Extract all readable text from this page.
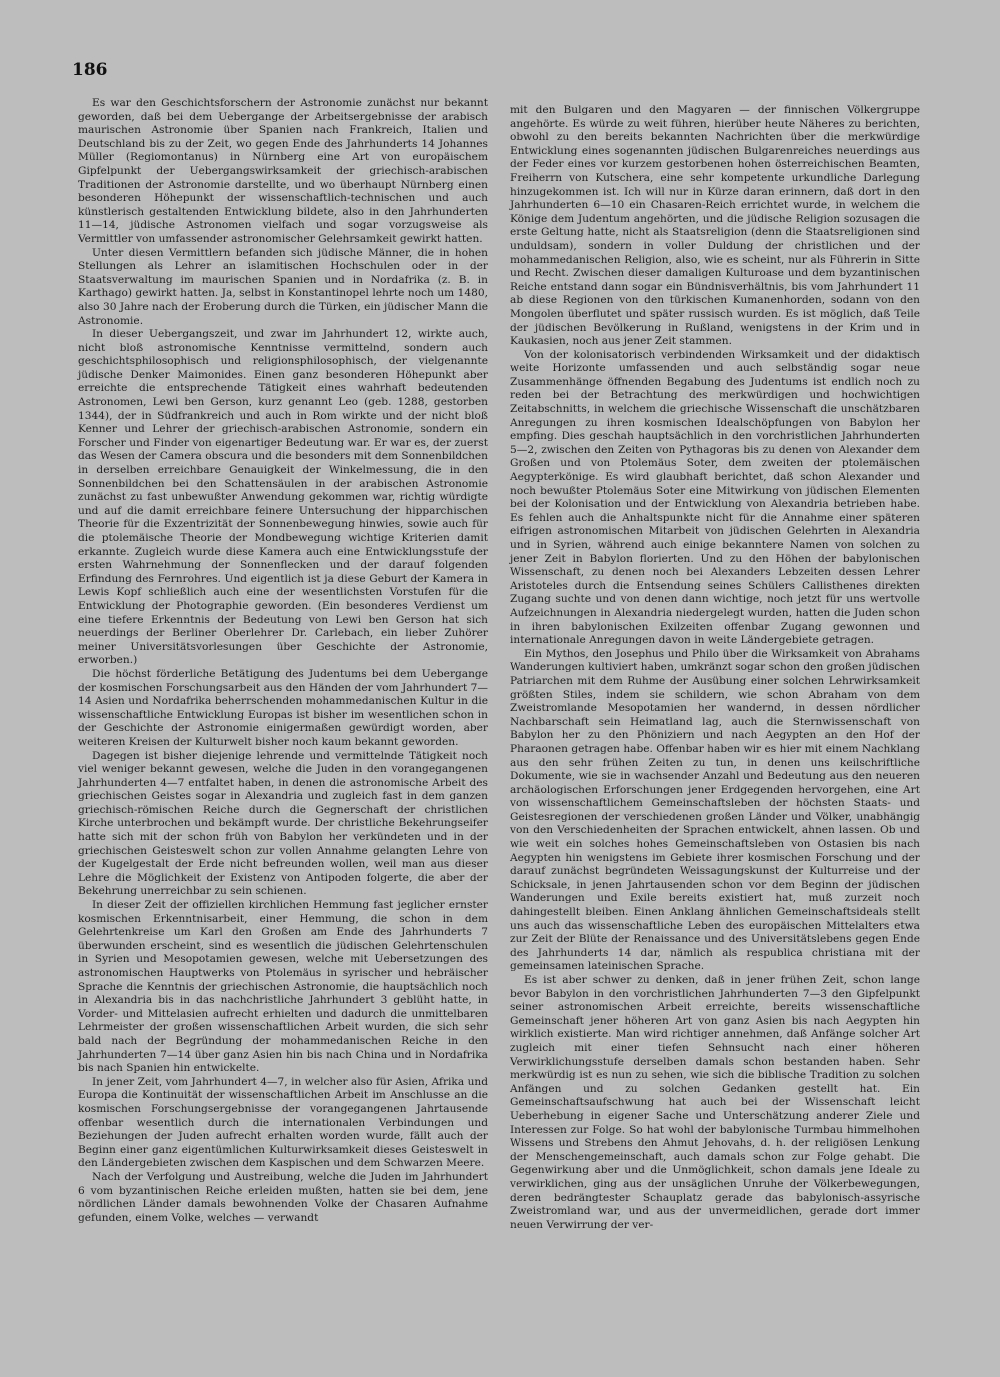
186

Es war den Geschichtsforschern der Astronomie zunächst nur bekannt geworden, daß bei dem Uebergange der Arbeitsergebnisse der arabisch maurischen Astronomie über Spanien nach Frankreich, Italien und Deutschland bis zu der Zeit, wo gegen Ende des Jahrhunderts 14 Johannes Müller (Regiomontanus) in Nürnberg eine Art von europäischem Gipfelpunkt der Uebergangswirksamkeit der griechisch-arabischen Traditionen der Astronomie darstellte, und wo überhaupt Nürnberg einen besonderen Höhepunkt der wissenschaftlich-technischen und auch künstlerisch gestaltenden Entwicklung bildete, also in den Jahrhunderten 11—14, jüdische Astronomen vielfach und sogar vorzugsweise als Vermittler von umfassender astronomischer Gelehrsamkeit gewirkt hatten.

Unter diesen Vermittlern befanden sich jüdische Männer, die in hohen Stellungen als Lehrer an islamitischen Hochschulen oder in der Staatsverwaltung im maurischen Spanien und in Nordafrika (z. B. in Karthago) gewirkt hatten. Ja, selbst in Konstantinopel lehrte noch um 1480, also 30 Jahre nach der Eroberung durch die Türken, ein jüdischer Mann die Astronomie.

In dieser Uebergangszeit, und zwar im Jahrhundert 12, wirkte auch, nicht bloß astronomische Kenntnisse vermittelnd, sondern auch geschichtsphilosophisch und religionsphilosophisch, der vielgenannte jüdische Denker Maimonides. Einen ganz besonderen Höhepunkt aber erreichte die entsprechende Tätigkeit eines wahrhaft bedeutenden Astronomen, Lewi ben Gerson, kurz genannt Leo (geb. 1288, gestorben 1344), der in Südfrankreich und auch in Rom wirkte und der nicht bloß Kenner und Lehrer der griechisch-arabischen Astronomie, sondern ein Forscher und Finder von eigenartiger Bedeutung war. Er war es, der zuerst das Wesen der Camera obscura und die besonders mit dem Sonnenbildchen in derselben erreichbare Genauigkeit der Winkelmessung, die in den Sonnenbildchen bei den Schattensäulen in der arabischen Astronomie zunächst zu fast unbewußter Anwendung gekommen war, richtig würdigte und auf die damit erreichbare feinere Untersuchung der hipparchischen Theorie für die Exzentrizität der Sonnenbewegung hinwies, sowie auch für die ptolemäische Theorie der Mondbewegung wichtige Kriterien damit erkannte. Zugleich wurde diese Kamera auch eine Entwicklungsstufe der ersten Wahrnehmung der Sonnenflecken und der darauf folgenden Erfindung des Fernrohres. Und eigentlich ist ja diese Geburt der Kamera in Lewis Kopf schließlich auch eine der wesentlichsten Vorstufen für die Entwicklung der Photographie geworden. (Ein besonderes Verdienst um eine tiefere Erkenntnis der Bedeutung von Lewi ben Gerson hat sich neuerdings der Berliner Oberlehrer Dr. Carlebach, ein lieber Zuhörer meiner Universitätsvorlesungen über Geschichte der Astronomie, erworben.)

Die höchst förderliche Betätigung des Judentums bei dem Uebergange der kosmischen Forschungsarbeit aus den Händen der vom Jahrhundert 7—14 Asien und Nordafrika beherrschenden mohammedanischen Kultur in die wissenschaftliche Entwicklung Europas ist bisher im wesentlichen schon in der Geschichte der Astronomie einigermaßen gewürdigt worden, aber weiteren Kreisen der Kulturwelt bisher noch kaum bekannt geworden.

Dagegen ist bisher diejenige lehrende und vermittelnde Tätigkeit noch viel weniger bekannt gewesen, welche die Juden in den vorangegangenen Jahrhunderten 4—7 entfaltet haben, in denen die astronomische Arbeit des griechischen Geistes sogar in Alexandria und zugleich fast in dem ganzen griechisch-römischen Reiche durch die Gegnerschaft der christlichen Kirche unterbrochen und bekämpft wurde. Der christliche Bekehrungseifer hatte sich mit der schon früh von Babylon her verkündeten und in der griechischen Geisteswelt schon zur vollen Annahme gelangten Lehre von der Kugelgestalt der Erde nicht befreunden wollen, weil man aus dieser Lehre die Möglichkeit der Existenz von Antipoden folgerte, die aber der Bekehrung unerreichbar zu sein schienen.

In dieser Zeit der offiziellen kirchlichen Hemmung fast jeglicher ernster kosmischen Erkenntnisarbeit, einer Hemmung, die schon in dem Gelehrtenkreise um Karl den Großen am Ende des Jahrhunderts 7 überwunden erscheint, sind es wesentlich die jüdischen Gelehrtenschulen in Syrien und Mesopotamien gewesen, welche mit Uebersetzungen des astronomischen Hauptwerks von Ptolemäus in syrischer und hebräischer Sprache die Kenntnis der griechischen Astronomie, die hauptsächlich noch in Alexandria bis in das nachchristliche Jahrhundert 3 geblüht hatte, in Vorder- und Mittelasien aufrecht erhielten und dadurch die unmittelbaren Lehrmeister der großen wissenschaftlichen Arbeit wurden, die sich sehr bald nach der Begründung der mohammedanischen Reiche in den Jahrhunderten 7—14 über ganz Asien hin bis nach China und in Nordafrika bis nach Spanien hin entwickelte.

In jener Zeit, vom Jahrhundert 4—7, in welcher also für Asien, Afrika und Europa die Kontinuität der wissenschaftlichen Arbeit im Anschlusse an die kosmischen Forschungsergebnisse der vorangegangenen Jahrtausende offenbar wesentlich durch die internationalen Verbindungen und Beziehungen der Juden aufrecht erhalten worden wurde, fällt auch der Beginn einer ganz eigentümlichen Kulturwirksamkeit dieses Geisteswelt in den Ländergebieten zwischen dem Kaspischen und dem Schwarzen Meere.

Nach der Verfolgung und Austreibung, welche die Juden im Jahrhundert 6 vom byzantinischen Reiche erleiden mußten, hatten sie bei dem, jene nördlichen Länder damals bewohnenden Volke der Chasaren Aufnahme gefunden, einem Volke, welches — verwandt

mit den Bulgaren und den Magyaren — der finnischen Völkergruppe angehörte. Es würde zu weit führen, hierüber heute Näheres zu berichten, obwohl zu den bereits bekannten Nachrichten über die merkwürdige Entwicklung eines sogenannten jüdischen Bulgarenreiches neuerdings aus der Feder eines vor kurzem gestorbenen hohen österreichischen Beamten, Freiherrn von Kutschera, eine sehr kompetente urkundliche Darlegung hinzugekommen ist. Ich will nur in Kürze daran erinnern, daß dort in den Jahrhunderten 6—10 ein Chasaren-Reich errichtet wurde, in welchem die Könige dem Judentum angehörten, und die jüdische Religion sozusagen die erste Geltung hatte, nicht als Staatsreligion (denn die Staatsreligionen sind unduldsam), sondern in voller Duldung der christlichen und der mohammedanischen Religion, also, wie es scheint, nur als Führerin in Sitte und Recht. Zwischen dieser damaligen Kulturoase und dem byzantinischen Reiche entstand dann sogar ein Bündnisverhältnis, bis vom Jahrhundert 11 ab diese Regionen von den türkischen Kumanenhorden, sodann von den Mongolen überflutet und später russisch wurden. Es ist möglich, daß Teile der jüdischen Bevölkerung in Rußland, wenigstens in der Krim und in Kaukasien, noch aus jener Zeit stammen.

Von der kolonisatorisch verbindenden Wirksamkeit und der didaktisch weite Horizonte umfassenden und auch selbständig sogar neue Zusammenhänge öffnenden Begabung des Judentums ist endlich noch zu reden bei der Betrachtung des merkwürdigen und hochwichtigen Zeitabschnitts, in welchem die griechische Wissenschaft die unschätzbaren Anregungen zu ihren kosmischen Idealschöpfungen von Babylon her empfing. Dies geschah hauptsächlich in den vorchristlichen Jahrhunderten 5—2, zwischen den Zeiten von Pythagoras bis zu denen von Alexander dem Großen und von Ptolemäus Soter, dem zweiten der ptolemäischen Aegypterkönige. Es wird glaubhaft berichtet, daß schon Alexander und noch bewußter Ptolemäus Soter eine Mitwirkung von jüdischen Elementen bei der Kolonisation und der Entwicklung von Alexandria betrieben habe. Es fehlen auch die Anhaltspunkte nicht für die Annahme einer späteren eifrigen astronomischen Mitarbeit von jüdischen Gelehrten in Alexandria und in Syrien, während auch einige bekanntere Namen von solchen zu jener Zeit in Babylon florierten. Und zu den Höhen der babylonischen Wissenschaft, zu denen noch bei Alexanders Lebzeiten dessen Lehrer Aristoteles durch die Entsendung seines Schülers Callisthenes direkten Zugang suchte und von denen dann wichtige, noch jetzt für uns wertvolle Aufzeichnungen in Alexandria niedergelegt wurden, hatten die Juden schon in ihren babylonischen Exilzeiten offenbar Zugang gewonnen und internationale Anregungen davon in weite Ländergebiete getragen.

Ein Mythos, den Josephus und Philo über die Wirksamkeit von Abrahams Wanderungen kultiviert haben, umkränzt sogar schon den großen jüdischen Patriarchen mit dem Ruhme der Ausübung einer solchen Lehrwirksamkeit größten Stiles, indem sie schildern, wie schon Abraham von dem Zweistromlande Mesopotamien her wandernd, in dessen nördlicher Nachbarschaft sein Heimatland lag, auch die Sternwissenschaft von Babylon her zu den Phöniziern und nach Aegypten an den Hof der Pharaonen getragen habe. Offenbar haben wir es hier mit einem Nachklang aus den sehr frühen Zeiten zu tun, in denen uns keilschriftliche Dokumente, wie sie in wachsender Anzahl und Bedeutung aus den neueren archäologischen Erforschungen jener Erdgegenden hervorgehen, eine Art von wissenschaftlichem Gemeinschaftsleben der höchsten Staats- und Geistesregionen der verschiedenen großen Länder und Völker, unabhängig von den Verschiedenheiten der Sprachen entwickelt, ahnen lassen. Ob und wie weit ein solches hohes Gemeinschaftsleben von Ostasien bis nach Aegypten hin wenigstens im Gebiete ihrer kosmischen Forschung und der darauf zunächst begründeten Weissagungskunst der Kulturreise und der Schicksale, in jenen Jahrtausenden schon vor dem Beginn der jüdischen Wanderungen und Exile bereits existiert hat, muß zurzeit noch dahingestellt bleiben. Einen Anklang ähnlichen Gemeinschaftsideals stellt uns auch das wissenschaftliche Leben des europäischen Mittelalters etwa zur Zeit der Blüte der Renaissance und des Universitätslebens gegen Ende des Jahrhunderts 14 dar, nämlich als respublica christiana mit der gemeinsamen lateinischen Sprache.

Es ist aber schwer zu denken, daß in jener frühen Zeit, schon lange bevor Babylon in den vorchristlichen Jahrhunderten 7—3 den Gipfelpunkt seiner astronomischen Arbeit erreichte, bereits wissenschaftliche Gemeinschaft jener höheren Art von ganz Asien bis nach Aegypten hin wirklich existierte. Man wird richtiger annehmen, daß Anfänge solcher Art zugleich mit einer tiefen Sehnsucht nach einer höheren Verwirklichungsstufe derselben damals schon bestanden haben. Sehr merkwürdig ist es nun zu sehen, wie sich die biblische Tradition zu solchen Anfängen und zu solchen Gedanken gestellt hat. Ein Gemeinschaftsaufschwung hat auch bei der Wissenschaft leicht Ueberhebung in eigener Sache und Unterschätzung anderer Ziele und Interessen zur Folge. So hat wohl der babylonische Turmbau himmelhohen Wissens und Strebens den Ahmut Jehovahs, d. h. der religiösen Lenkung der Menschengemeinschaft, auch damals schon zur Folge gehabt. Die Gegenwirkung aber und die Unmöglichkeit, schon damals jene Ideale zu verwirklichen, ging aus der unsäglichen Unruhe der Völkerbewegungen, deren bedrängtester Schauplatz gerade das babylonisch-assyrische Zweistromland war, und aus der unvermeidlichen, gerade dort immer neuen Verwirrung der ver-
